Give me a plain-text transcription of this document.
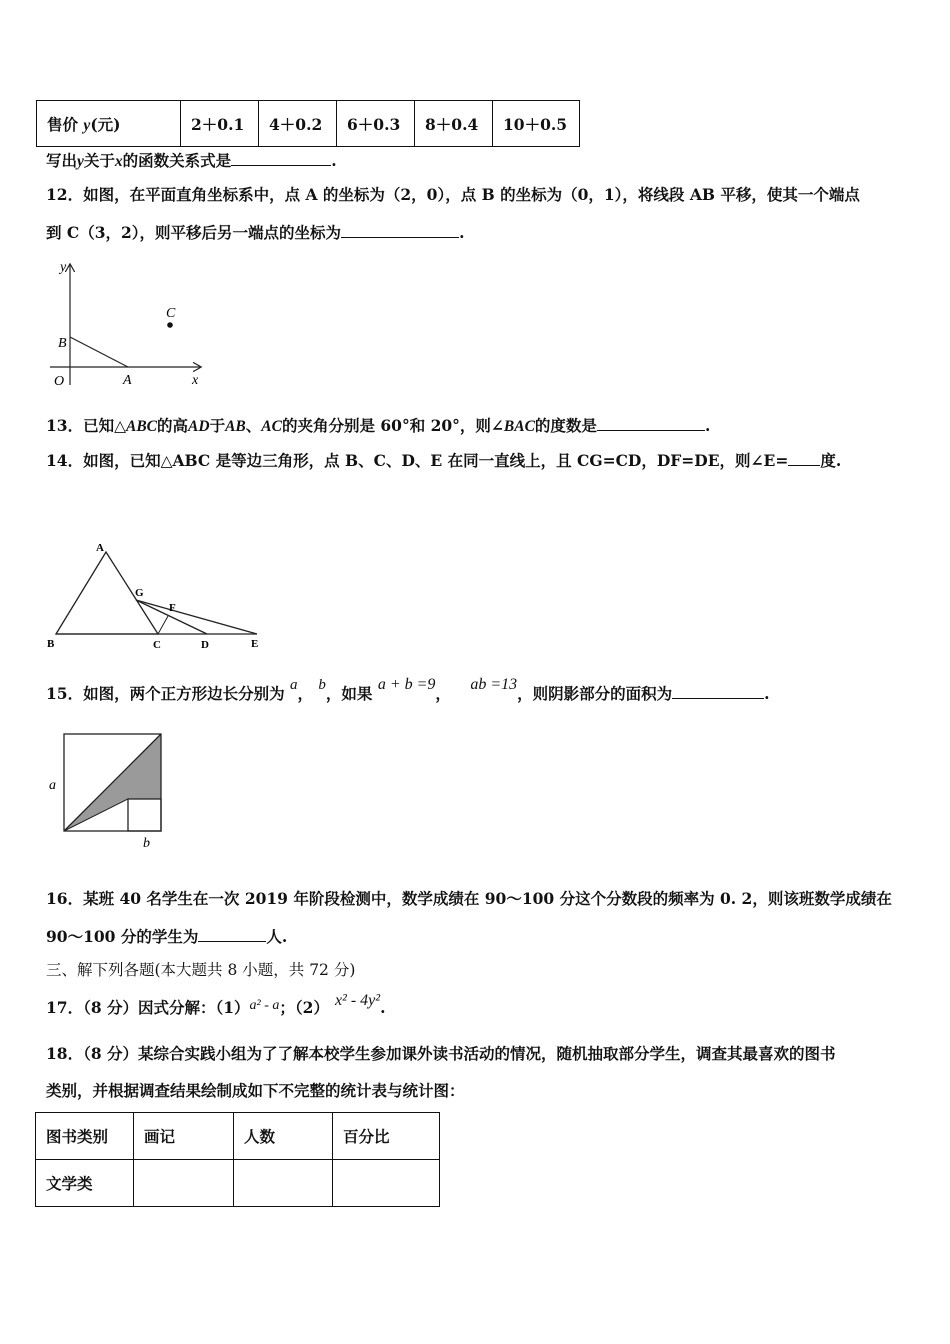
售价 y(元)	2＋0.1	4＋0.2	6＋0.3	8＋0.4	10＋0.5
写出y关于x的函数关系式是	.
12．如图，在平面直角坐标系中，点 A 的坐标为（2，0），点 B 的坐标为（0，1），将线段 AB 平移，使其一个端点
到 C（3，2），则平移后另一端点的坐标为	.
y
x
O	A
B
C
13．已知△ABC的高AD于AB、AC的夹角分别是 60°和 20°，则∠BAC的度数是	.
14．如图，已知△ABC 是等边三角形，点 B、C、D、E 在同一直线上，且 CG=CD，DF=DE，则∠E= 度.
A
B	C	D	E
F
G
15．如图，两个正方形边长分别为 a， b，如果 a + b =9， ab =13，则阴影部分的面积为	.
a
b
16．某班 40 名学生在一次 2019 年阶段检测中，数学成绩在 90～100 分这个分数段的频率为 0. 2，则该班数学成绩在
90～100 分的学生为	人.
三、解下列各题(本大题共 8 小题，共 72 分)
17．（8 分）因式分解：（1）a² - a；（2） x² - 4y².
18．（8 分）某综合实践小组为了了解本校学生参加课外读书活动的情况，随机抽取部分学生，调查其最喜欢的图书
类别，并根据调查结果绘制成如下不完整的统计表与统计图：
图书类别	画记	人数	百分比
文学类			
